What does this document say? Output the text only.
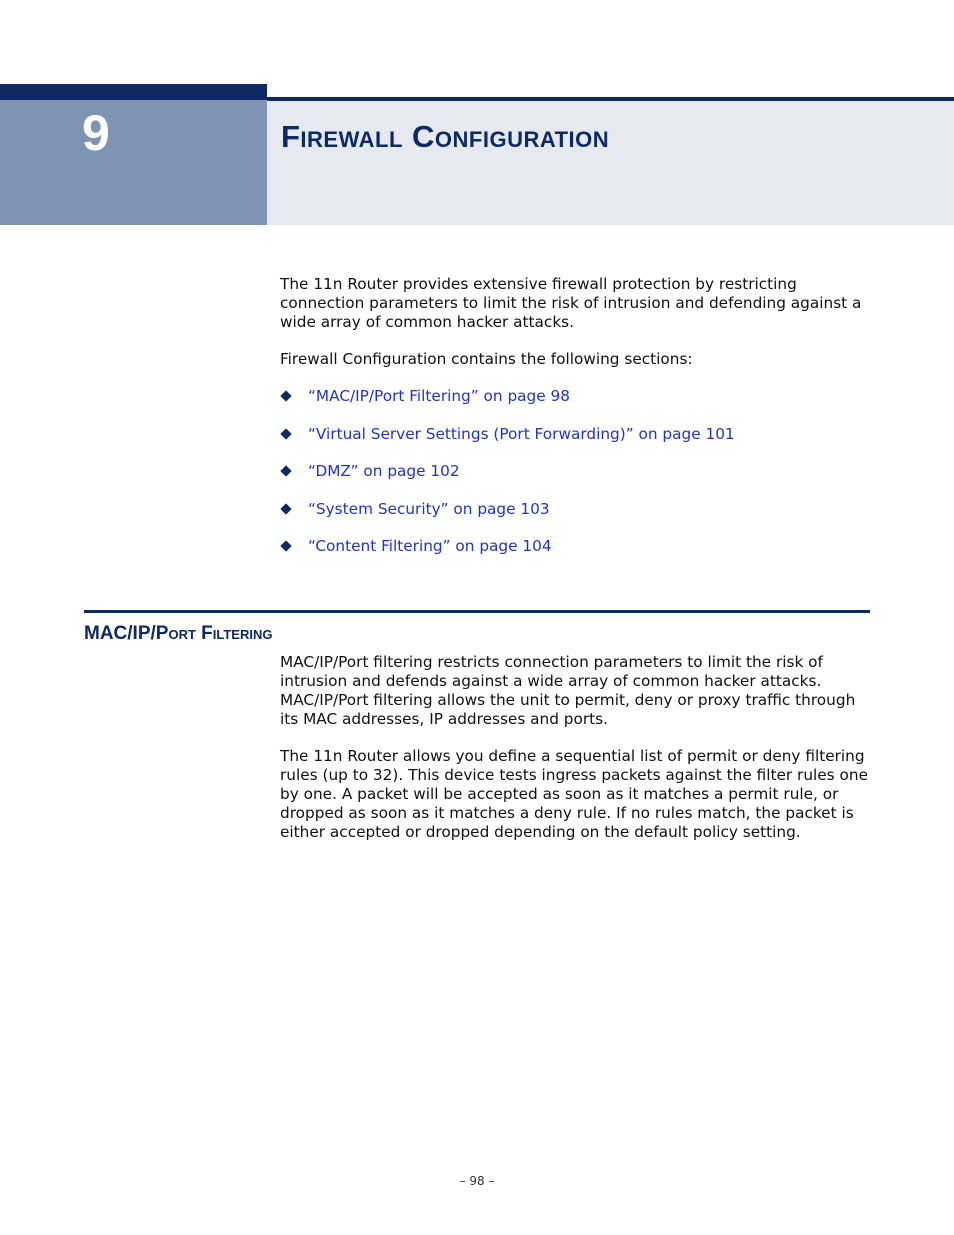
9	Firewall Configuration

The 11n Router provides extensive firewall protection by restricting connection parameters to limit the risk of intrusion and defending against a wide array of common hacker attacks.

Firewall Configuration contains the following sections:

“MAC/IP/Port Filtering” on page 98
“Virtual Server Settings (Port Forwarding)” on page 101
“DMZ” on page 102
“System Security” on page 103
“Content Filtering” on page 104
MAC/IP/Port Filtering

MAC/IP/Port filtering restricts connection parameters to limit the risk of intrusion and defends against a wide array of common hacker attacks. MAC/IP/Port filtering allows the unit to permit, deny or proxy traffic through its MAC addresses, IP addresses and ports.

The 11n Router allows you define a sequential list of permit or deny filtering rules (up to 32). This device tests ingress packets against the filter rules one by one. A packet will be accepted as soon as it matches a permit rule, or dropped as soon as it matches a deny rule. If no rules match, the packet is either accepted or dropped depending on the default policy setting.

– 98 –
